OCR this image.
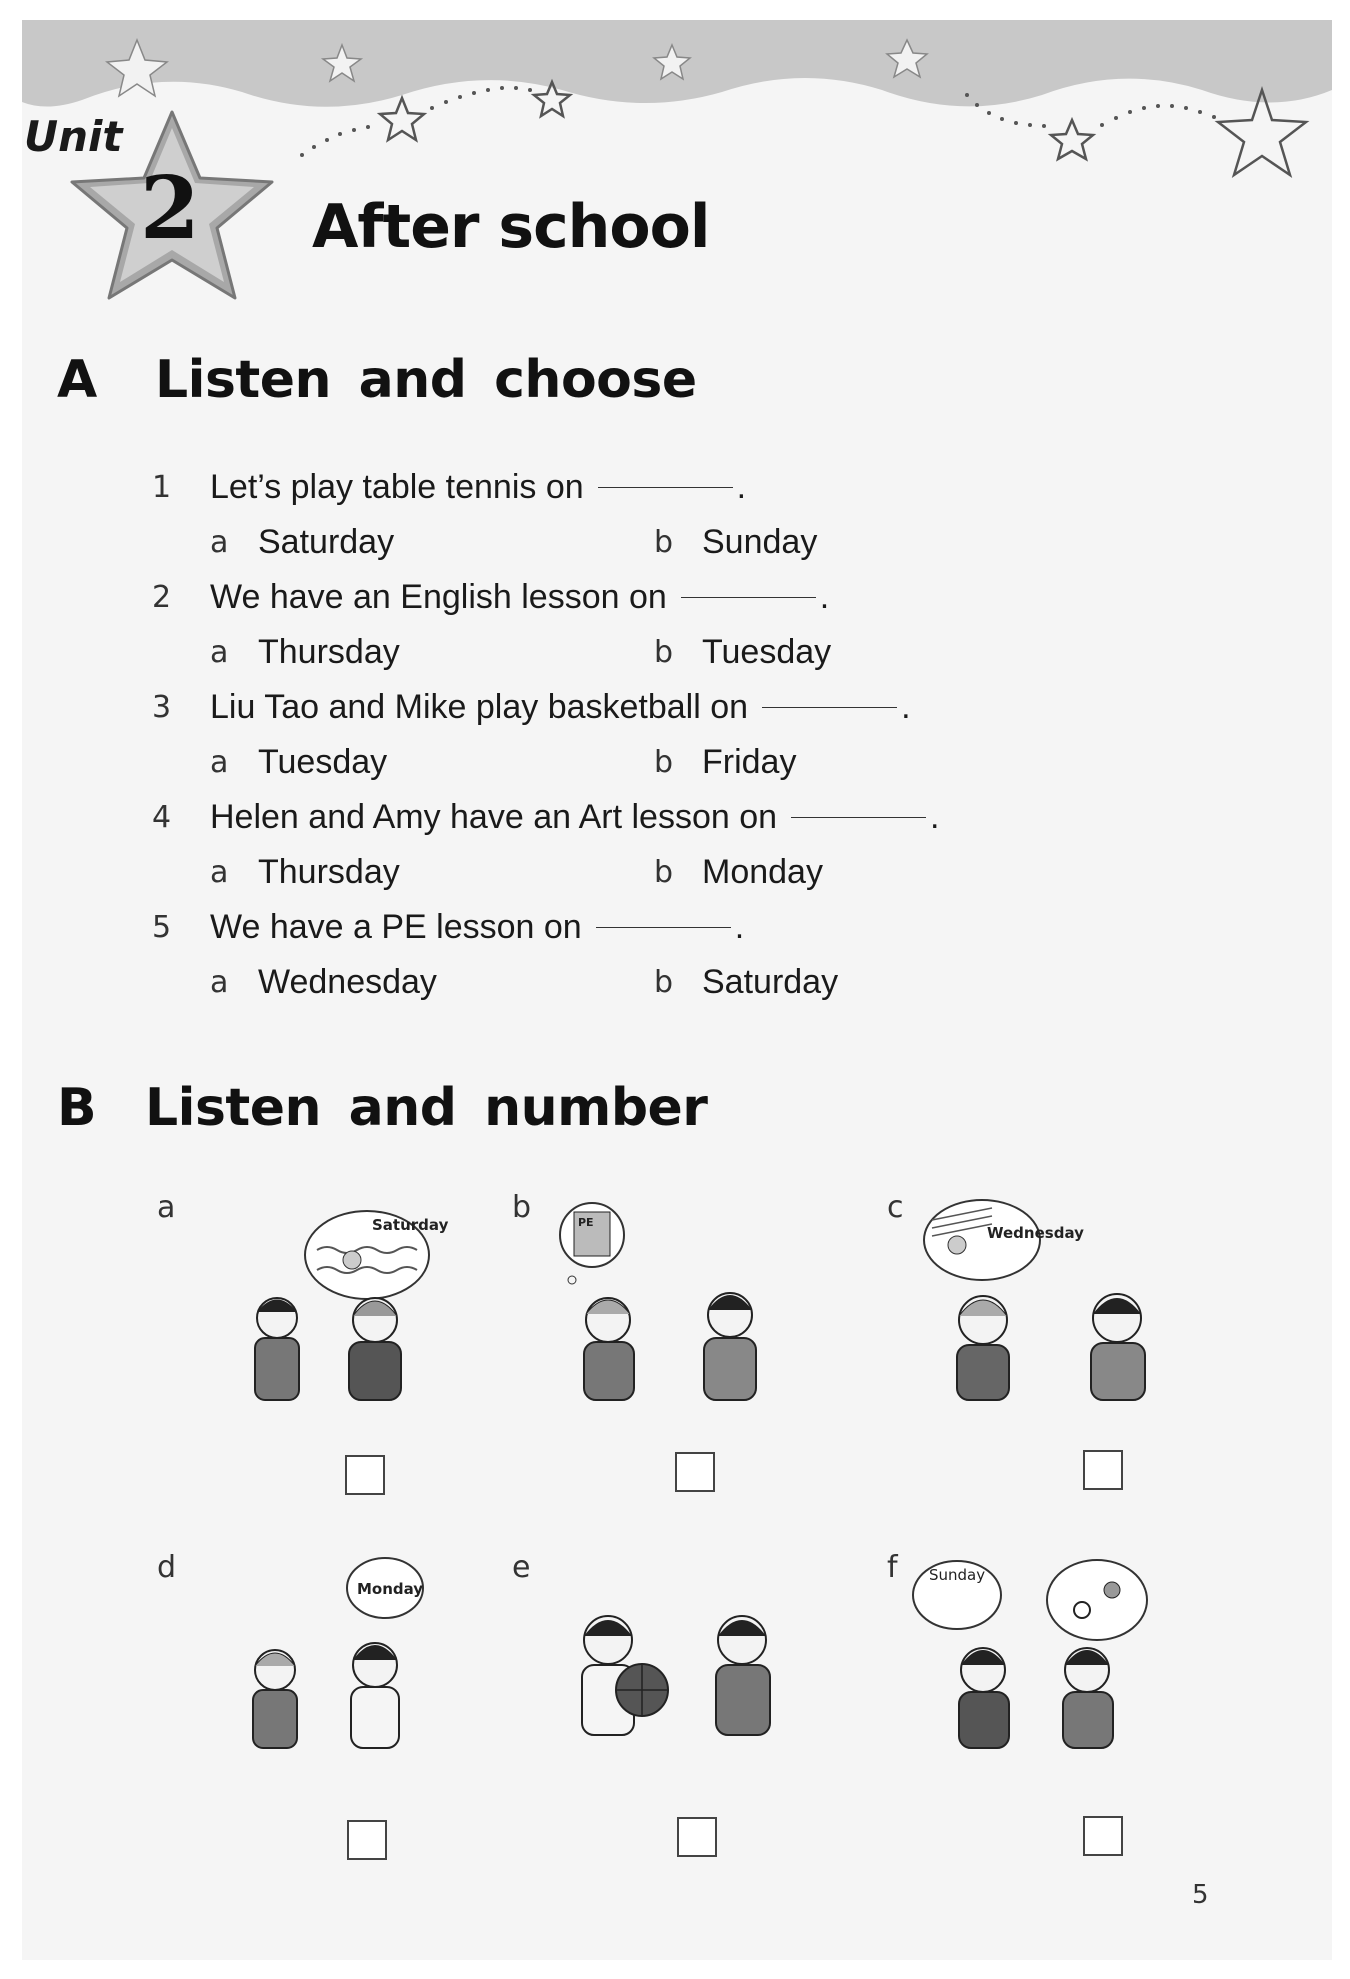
Unit
2 After school
A Listen and choose
1	Let’s play table tennis on	.
a Saturday	b Sunday
2	We have an English lesson on	.
a Thursday	b Tuesday
3	Liu Tao and Mike play basketball on	.
a Tuesday	b Friday
4	Helen and Amy have an Art lesson on	.
a Thursday	b Monday
5	We have a PE lesson on	.
a Wednesday	b Saturday
B Listen and number
a	Saturday b	PE	c
Wednesday
d
Monday
e	f Sunday
5
